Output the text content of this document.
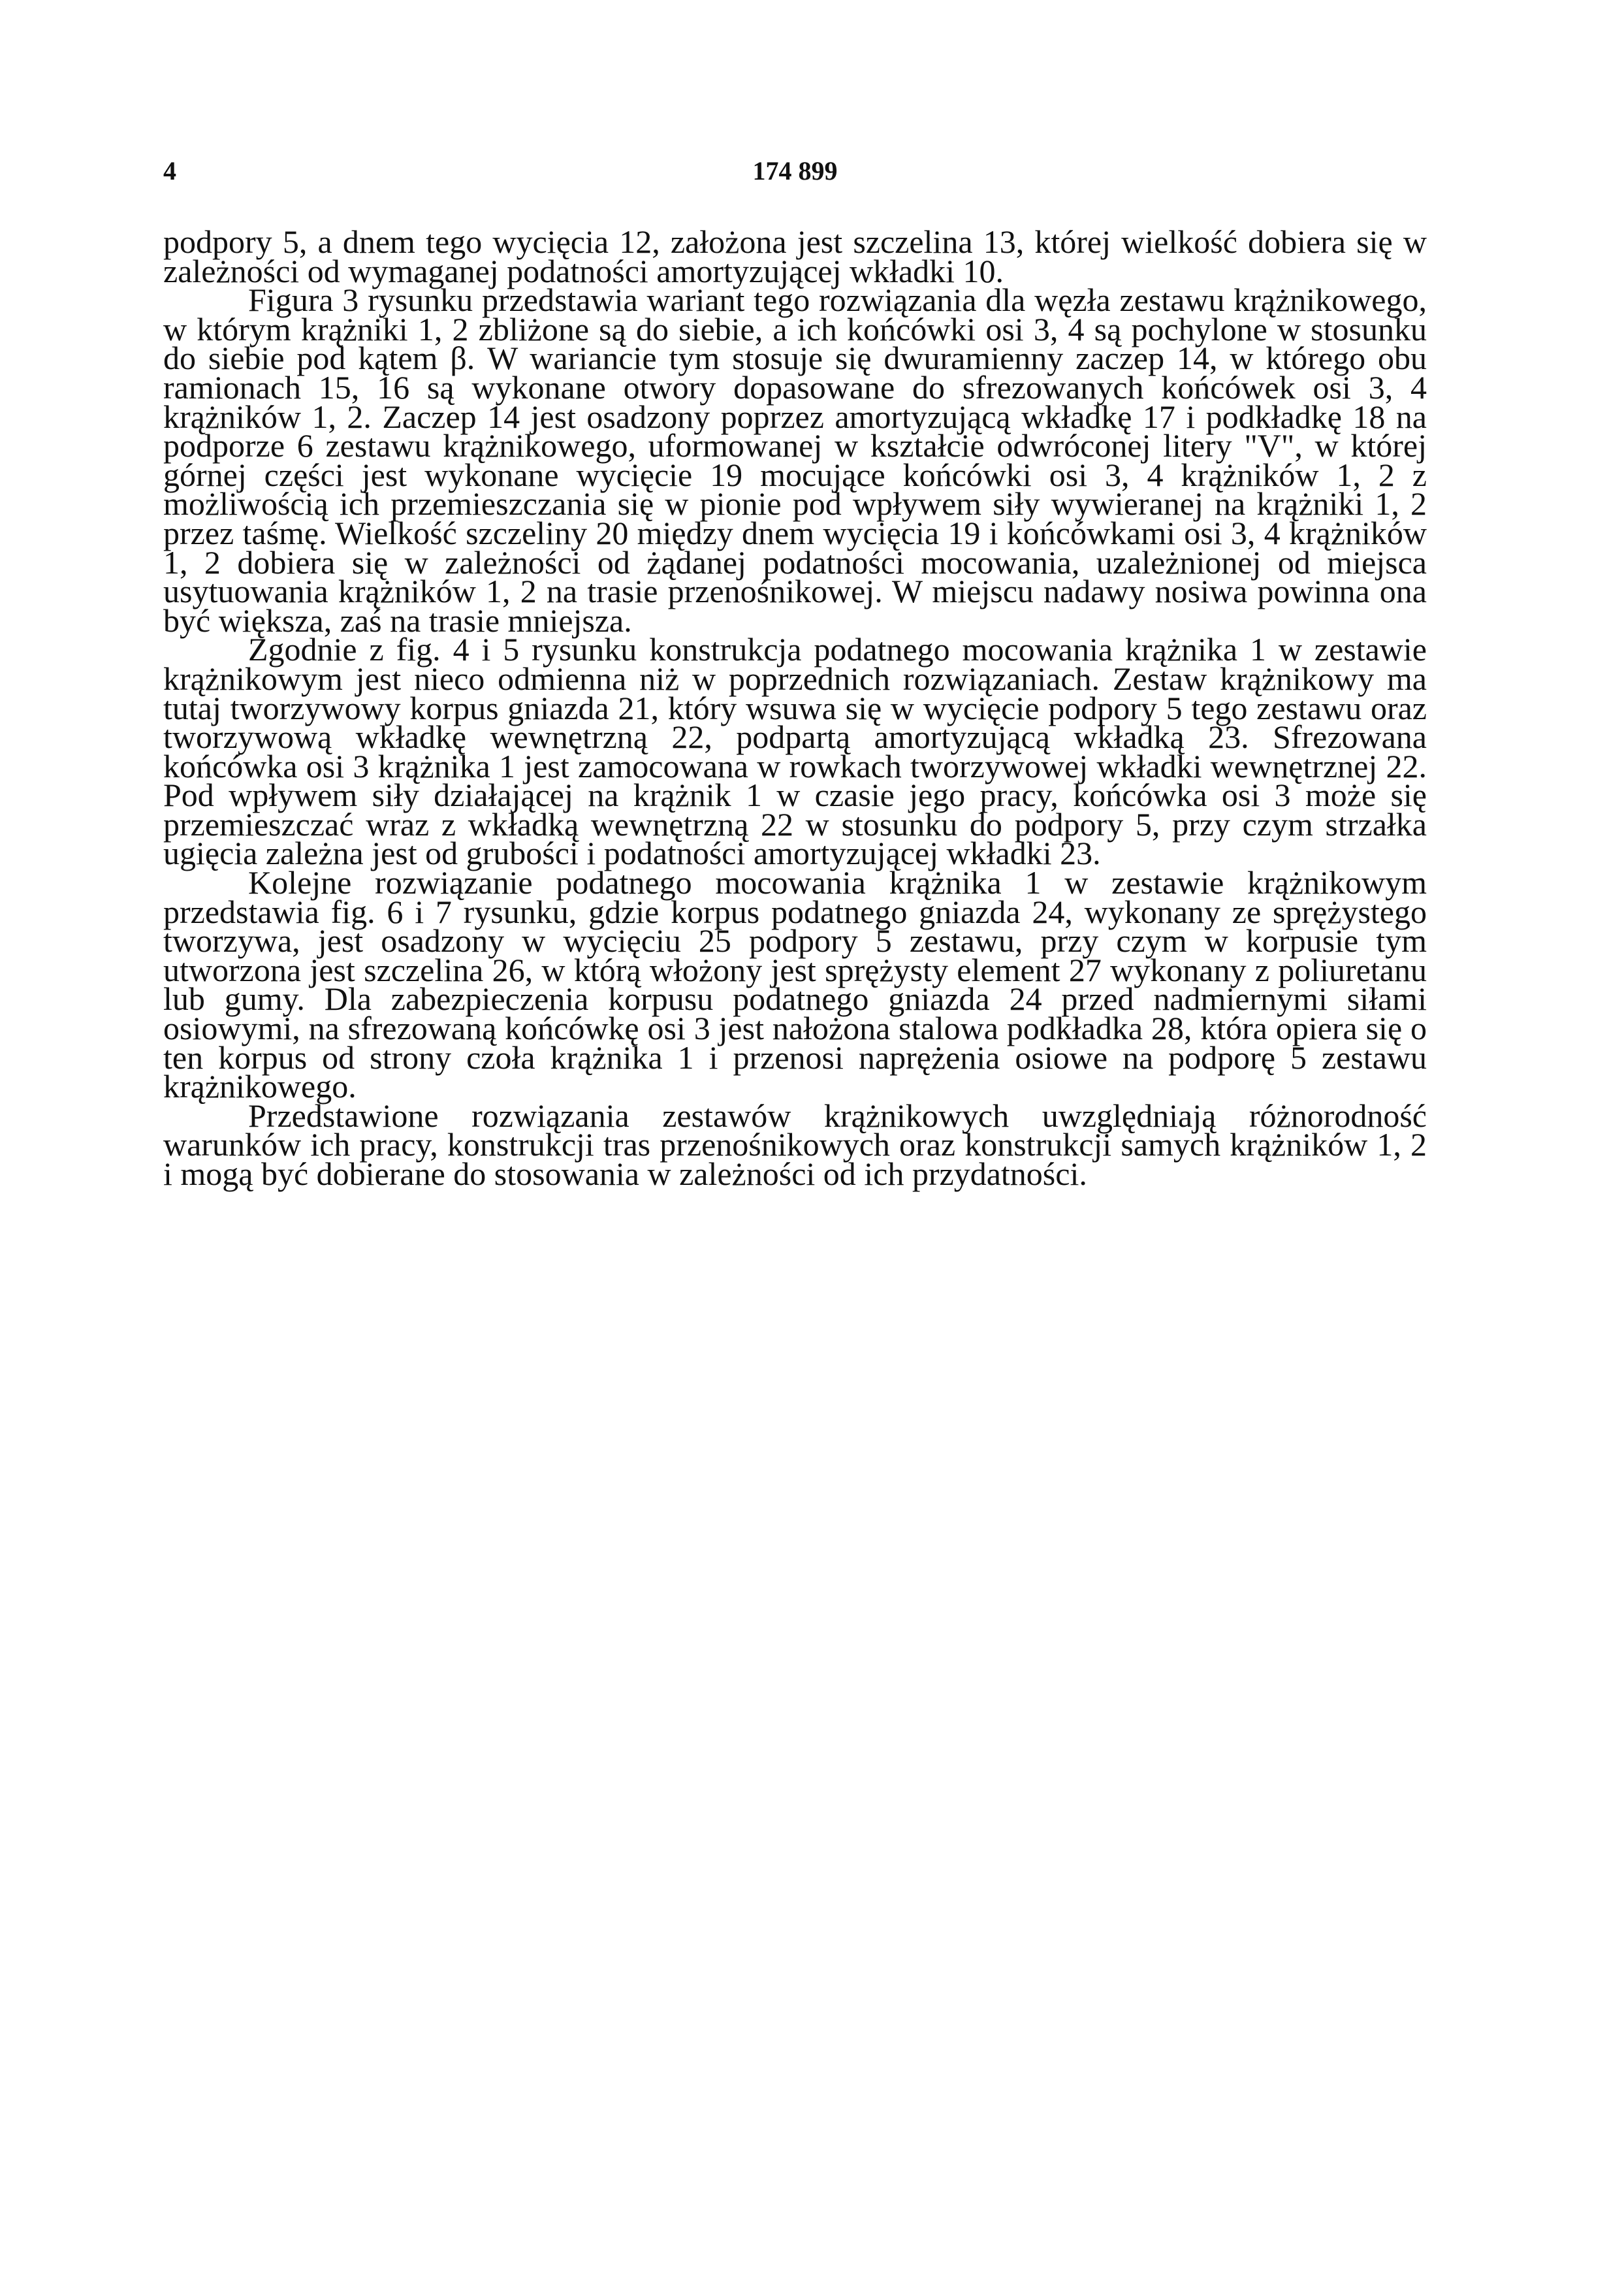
4	174 899

podpory 5, a dnem tego wycięcia 12, założona jest szczelina 13, której wielkość dobiera się w zależności od wymaganej podatności amortyzującej wkładki 10.

Figura 3 rysunku przedstawia wariant tego rozwiązania dla węzła zestawu krążnikowego, w którym krążniki 1, 2 zbliżone są do siebie, a ich końcówki osi 3, 4 są pochylone w stosunku do siebie pod kątem β. W wariancie tym stosuje się dwuramienny zaczep 14, w którego obu ramionach 15, 16 są wykonane otwory dopasowane do sfrezowanych końcówek osi 3, 4 krążników 1, 2. Zaczep 14 jest osadzony poprzez amortyzującą wkładkę 17 i podkładkę 18 na podporze 6 zestawu krążnikowego, uformowanej w kształcie odwróconej litery "V", w której górnej części jest wykonane wycięcie 19 mocujące końcówki osi 3, 4 krążników 1, 2 z możliwością ich przemieszczania się w pionie pod wpływem siły wywieranej na krążniki 1, 2 przez taśmę. Wielkość szczeliny 20 między dnem wycięcia 19 i końcówkami osi 3, 4 krążników 1, 2 dobiera się w zależności od żądanej podatności mocowania, uzależnionej od miejsca usytuowania krążników 1, 2 na trasie przenośnikowej. W miejscu nadawy nosiwa powinna ona być większa, zaś na trasie mniejsza.

Zgodnie z fig. 4 i 5 rysunku konstrukcja podatnego mocowania krążnika 1 w zestawie krążnikowym jest nieco odmienna niż w poprzednich rozwiązaniach. Zestaw krążnikowy ma tutaj tworzywowy korpus gniazda 21, który wsuwa się w wycięcie podpory 5 tego zestawu oraz tworzywową wkładkę wewnętrzną 22, podpartą amortyzującą wkładką 23. Sfrezowana końcówka osi 3 krążnika 1 jest zamocowana w rowkach tworzywowej wkładki wewnętrznej 22. Pod wpływem siły działającej na krążnik 1 w czasie jego pracy, końcówka osi 3 może się przemieszczać wraz z wkładką wewnętrzną 22 w stosunku do podpory 5, przy czym strzałka ugięcia zależna jest od grubości i podatności amortyzującej wkładki 23.

Kolejne rozwiązanie podatnego mocowania krążnika 1 w zestawie krążnikowym przedstawia fig. 6 i 7 rysunku, gdzie korpus podatnego gniazda 24, wykonany ze sprężystego tworzywa, jest osadzony w wycięciu 25 podpory 5 zestawu, przy czym w korpusie tym utworzona jest szczelina 26, w którą włożony jest sprężysty element 27 wykonany z poliuretanu lub gumy. Dla zabezpieczenia korpusu podatnego gniazda 24 przed nadmiernymi siłami osiowymi, na sfrezowaną końcówkę osi 3 jest nałożona stalowa podkładka 28, która opiera się o ten korpus od strony czoła krążnika 1 i przenosi naprężenia osiowe na podporę 5 zestawu krążnikowego.

Przedstawione rozwiązania zestawów krążnikowych uwzględniają różnorodność warunków ich pracy, konstrukcji tras przenośnikowych oraz konstrukcji samych krążników 1, 2 i mogą być dobierane do stosowania w zależności od ich przydatności.
